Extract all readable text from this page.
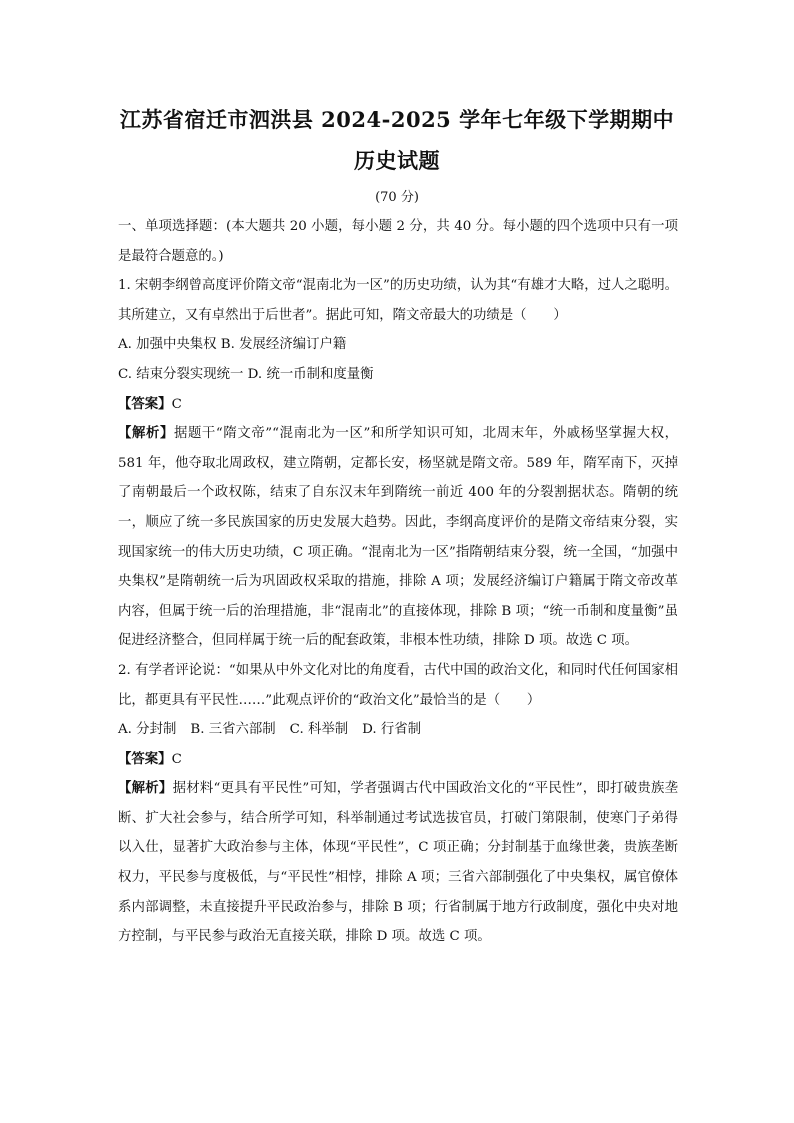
江苏省宿迁市泗洪县 2024-2025 学年七年级下学期期中
历史试题
(70 分)

一、单项选择题：(本大题共 20 小题，每小题 2 分，共 40 分。每小题的四个选项中只有一项是最符合题意的。)

1. 宋朝李纲曾高度评价隋文帝“混南北为一区”的历史功绩，认为其“有雄才大略，过人之聪明。其所建立，又有卓然出于后世者”。据此可知，隋文帝最大的功绩是（　　）

A. 加强中央集权 B. 发展经济编订户籍

C. 结束分裂实现统一 D. 统一币制和度量衡

【答案】C

【解析】据题干“隋文帝”“混南北为一区”和所学知识可知，北周末年，外戚杨坚掌握大权，581 年，他夺取北周政权，建立隋朝，定都长安，杨坚就是隋文帝。589 年，隋军南下，灭掉了南朝最后一个政权陈，结束了自东汉末年到隋统一前近 400 年的分裂割据状态。隋朝的统一，顺应了统一多民族国家的历史发展大趋势。因此，李纲高度评价的是隋文帝结束分裂，实现国家统一的伟大历史功绩，C 项正确。“混南北为一区”指隋朝结束分裂，统一全国，“加强中央集权”是隋朝统一后为巩固政权采取的措施，排除 A 项；发展经济编订户籍属于隋文帝改革内容，但属于统一后的治理措施，非“混南北”的直接体现，排除 B 项；“统一币制和度量衡”虽促进经济整合，但同样属于统一后的配套政策，非根本性功绩，排除 D 项。故选 C 项。

2. 有学者评论说：“如果从中外文化对比的角度看，古代中国的政治文化，和同时代任何国家相比，都更具有平民性……”此观点评价的“政治文化”最恰当的是（　　）

A. 分封制 B. 三省六部制 C. 科举制 D. 行省制

【答案】C

【解析】据材料“更具有平民性”可知，学者强调古代中国政治文化的“平民性”，即打破贵族垄断、扩大社会参与，结合所学可知，科举制通过考试选拔官员，打破门第限制，使寒门子弟得以入仕，显著扩大政治参与主体，体现“平民性”，C 项正确；分封制基于血缘世袭，贵族垄断权力，平民参与度极低，与“平民性”相悖，排除 A 项；三省六部制强化了中央集权，属官僚体系内部调整，未直接提升平民政治参与，排除 B 项；行省制属于地方行政制度，强化中央对地方控制，与平民参与政治无直接关联，排除 D 项。故选 C 项。
